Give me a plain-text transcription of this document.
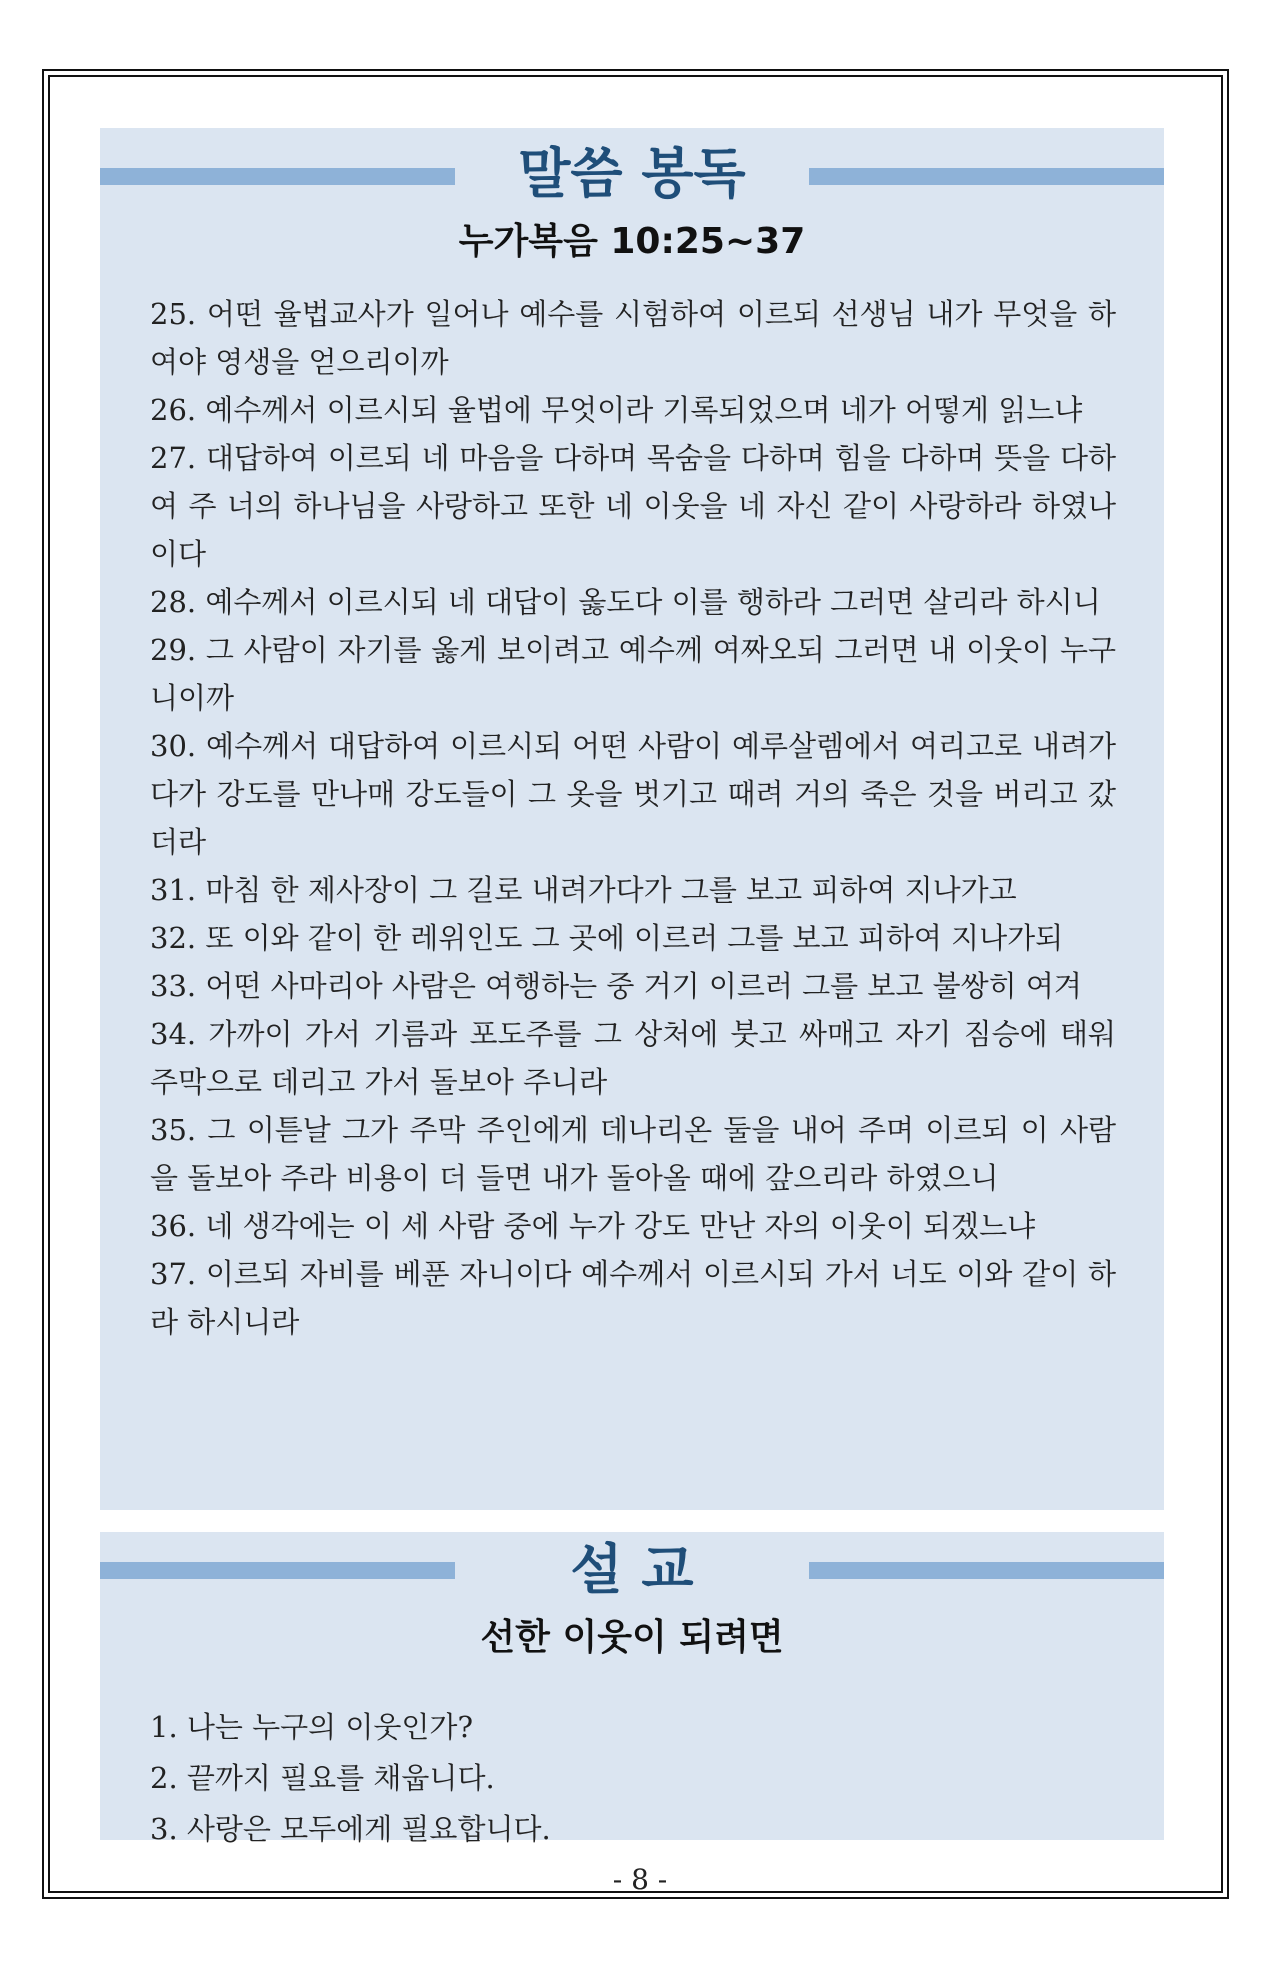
말씀 봉독
누가복음 10:25~37

25. 어떤 율법교사가 일어나 예수를 시험하여 이르되 선생님 내가 무엇을 하여야 영생을 얻으리이까

26. 예수께서 이르시되 율법에 무엇이라 기록되었으며 네가 어떻게 읽느냐

27. 대답하여 이르되 네 마음을 다하며 목숨을 다하며 힘을 다하며 뜻을 다하여 주 너의 하나님을 사랑하고 또한 네 이웃을 네 자신 같이 사랑하라 하였나이다

28. 예수께서 이르시되 네 대답이 옳도다 이를 행하라 그러면 살리라 하시니

29. 그 사람이 자기를 옳게 보이려고 예수께 여짜오되 그러면 내 이웃이 누구니이까

30. 예수께서 대답하여 이르시되 어떤 사람이 예루살렘에서 여리고로 내려가다가 강도를 만나매 강도들이 그 옷을 벗기고 때려 거의 죽은 것을 버리고 갔더라

31. 마침 한 제사장이 그 길로 내려가다가 그를 보고 피하여 지나가고

32. 또 이와 같이 한 레위인도 그 곳에 이르러 그를 보고 피하여 지나가되

33. 어떤 사마리아 사람은 여행하는 중 거기 이르러 그를 보고 불쌍히 여겨

34. 가까이 가서 기름과 포도주를 그 상처에 붓고 싸매고 자기 짐승에 태워 주막으로 데리고 가서 돌보아 주니라

35. 그 이튿날 그가 주막 주인에게 데나리온 둘을 내어 주며 이르되 이 사람을 돌보아 주라 비용이 더 들면 내가 돌아올 때에 갚으리라 하였으니

36. 네 생각에는 이 세 사람 중에 누가 강도 만난 자의 이웃이 되겠느냐

37. 이르되 자비를 베푼 자니이다 예수께서 이르시되 가서 너도 이와 같이 하라 하시니라

설 교
선한 이웃이 되려면

1. 나는 누구의 이웃인가?

2. 끝까지 필요를 채웁니다.

3. 사랑은 모두에게 필요합니다.

- 8 -
